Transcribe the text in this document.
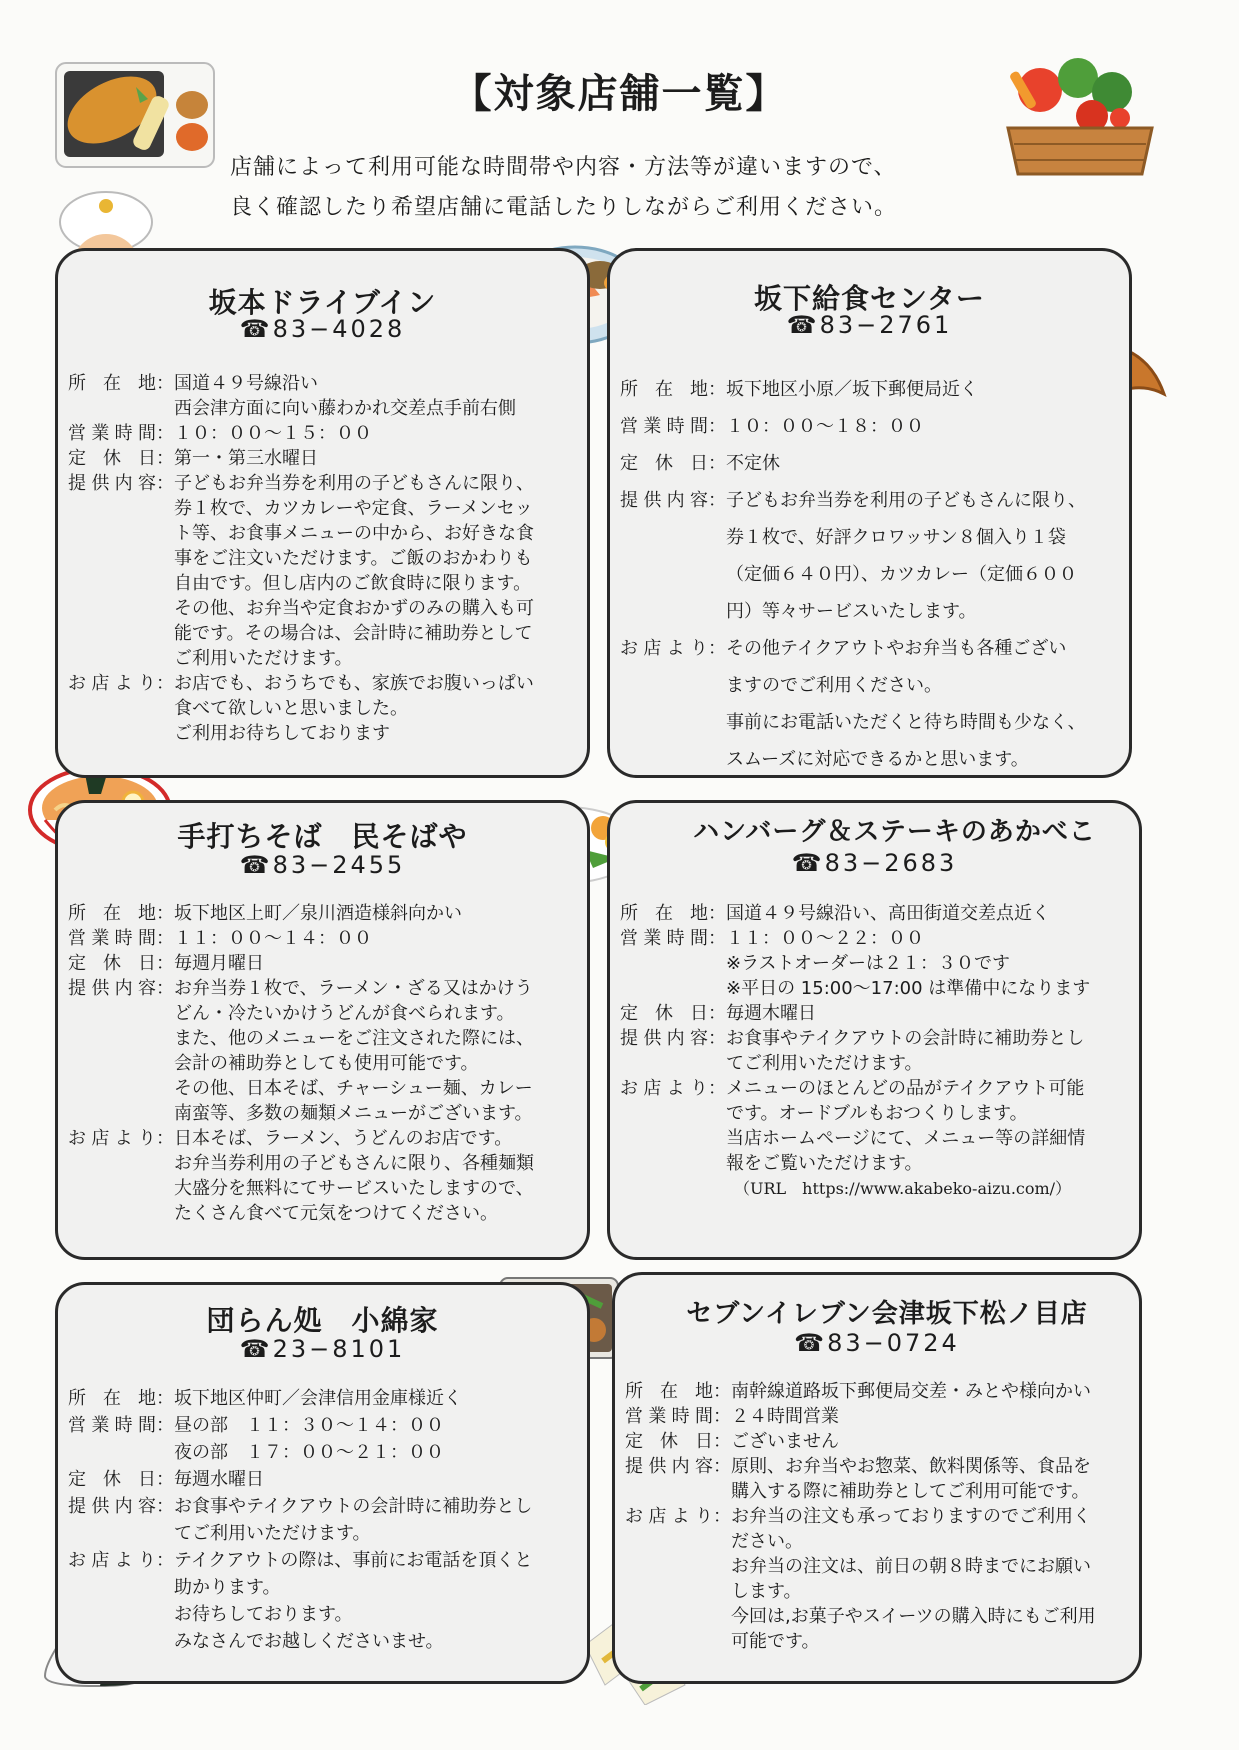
【対象店舗一覧】
店舗によって利用可能な時間帯や内容・方法等が違いますので、
良く確認したり希望店舗に電話したりしながらご利用ください。
坂本ドライブイン
☎83−4028
所在地 ： 国道４９号線沿い
西会津方面に向い藤わかれ交差点手前右側
営業時間 ： １０：００〜１５：００
定休日 ： 第一・第三水曜日
提供内容 ： 子どもお弁当券を利用の子どもさんに限り、
券１枚で、カツカレーや定食、ラーメンセッ
ト等、お食事メニューの中から、お好きな食
事をご注文いただけます。ご飯のおかわりも
自由です。但し店内のご飲食時に限ります。
その他、お弁当や定食おかずのみの購入も可
能です。その場合は、会計時に補助券として
ご利用いただけます。
お店より ： お店でも、おうちでも、家族でお腹いっぱい
食べて欲しいと思いました。
ご利用お待ちしております
坂下給食センター
☎83−2761
所在地 ： 坂下地区小原／坂下郵便局近く
営業時間 ： １０：００〜１８：００
定休日 ： 不定休
提供内容 ： 子どもお弁当券を利用の子どもさんに限り、
券１枚で、好評クロワッサン８個入り１袋
（定価６４０円）、カツカレー（定価６００
円）等々サービスいたします。
お店より ： その他テイクアウトやお弁当も各種ござい
ますのでご利用ください。
事前にお電話いただくと待ち時間も少なく、
スムーズに対応できるかと思います。
手打ちそば　民そばや
☎83−2455
所在地 ： 坂下地区上町／泉川酒造様斜向かい
営業時間 ： １１：００〜１４：００
定休日 ： 毎週月曜日
提供内容 ： お弁当券１枚で、ラーメン・ざる又はかけう
どん・冷たいかけうどんが食べられます。
また、他のメニューをご注文された際には、
会計の補助券としても使用可能です。
その他、日本そば、チャーシュー麺、カレー
南蛮等、多数の麺類メニューがございます。
お店より ： 日本そば、ラーメン、うどんのお店です。
お弁当券利用の子どもさんに限り、各種麺類
大盛分を無料にてサービスいたしますので、
たくさん食べて元気をつけてください。
ハンバーグ＆ステーキのあかべこ
☎83−2683
所在地 ： 国道４９号線沿い、高田街道交差点近く
営業時間 ： １１：００〜２２：００
※ラストオーダーは２１：３０です
※平日の 15:00〜17:00 は準備中になります
定休日 ： 毎週木曜日
提供内容 ： お食事やテイクアウトの会計時に補助券とし
てご利用いただけます。
お店より ： メニューのほとんどの品がテイクアウト可能
です。オードブルもおつくりします。
当店ホームページにて、メニュー等の詳細情
報をご覧いただけます。
（URL　https://www.akabeko-aizu.com/）
団らん処　小綿家
☎23−8101
所在地 ： 坂下地区仲町／会津信用金庫様近く
営業時間 ： 昼の部　１１：３０〜１４：００
夜の部　１７：００〜２１：００
定休日 ： 毎週水曜日
提供内容 ： お食事やテイクアウトの会計時に補助券とし
てご利用いただけます。
お店より ： テイクアウトの際は、事前にお電話を頂くと
助かります。
お待ちしております。
みなさんでお越しくださいませ。
セブンイレブン会津坂下松ノ目店
☎83−0724
所在地 ： 南幹線道路坂下郵便局交差・みとや様向かい
営業時間 ： ２４時間営業
定休日 ： ございません
提供内容 ： 原則、お弁当やお惣菜、飲料関係等、食品を
購入する際に補助券としてご利用可能です。
お店より ： お弁当の注文も承っておりますのでご利用く
ださい。
お弁当の注文は、前日の朝８時までにお願い
します。
今回は,お菓子やスイーツの購入時にもご利用
可能です。
